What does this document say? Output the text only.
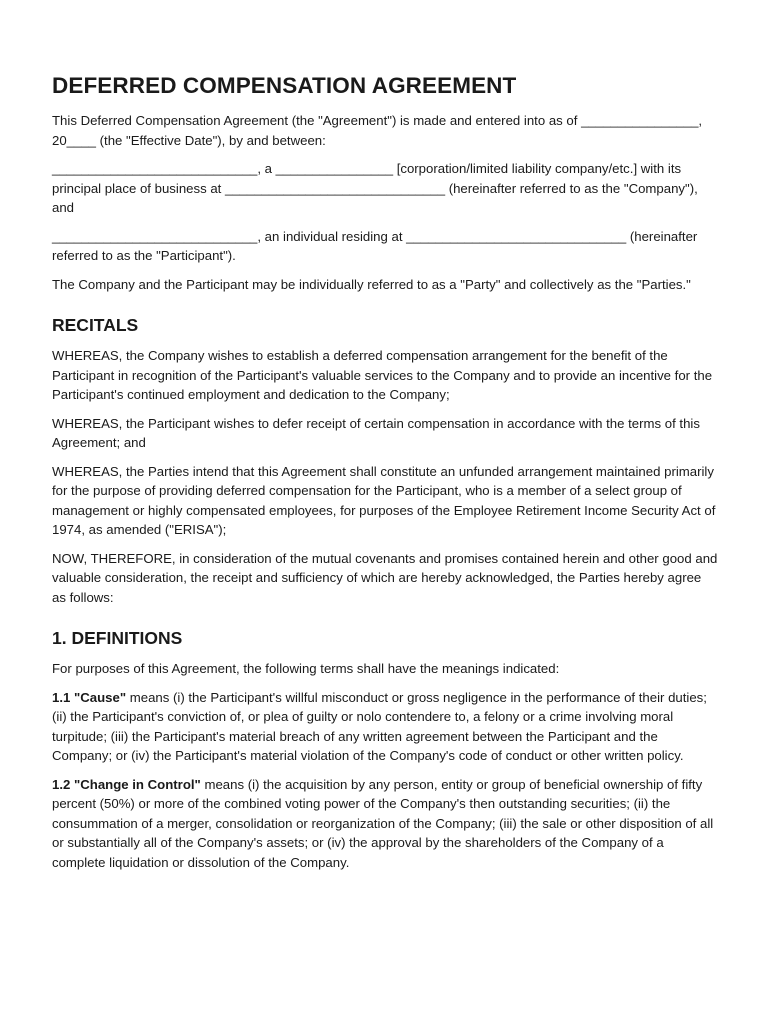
DEFERRED COMPENSATION AGREEMENT

This Deferred Compensation Agreement (the "Agreement") is made and entered into as of ________________, 20____ (the "Effective Date"), by and between:

____________________________, a ________________ [corporation/limited liability company/etc.] with its principal place of business at ______________________________ (hereinafter referred to as the "Company"), and

____________________________, an individual residing at ______________________________ (hereinafter referred to as the "Participant").

The Company and the Participant may be individually referred to as a "Party" and collectively as the "Parties."

RECITALS

WHEREAS, the Company wishes to establish a deferred compensation arrangement for the benefit of the Participant in recognition of the Participant's valuable services to the Company and to provide an incentive for the Participant's continued employment and dedication to the Company;

WHEREAS, the Participant wishes to defer receipt of certain compensation in accordance with the terms of this Agreement; and

WHEREAS, the Parties intend that this Agreement shall constitute an unfunded arrangement maintained primarily for the purpose of providing deferred compensation for the Participant, who is a member of a select group of management or highly compensated employees, for purposes of the Employee Retirement Income Security Act of 1974, as amended ("ERISA");

NOW, THEREFORE, in consideration of the mutual covenants and promises contained herein and other good and valuable consideration, the receipt and sufficiency of which are hereby acknowledged, the Parties hereby agree as follows:

1. DEFINITIONS

For purposes of this Agreement, the following terms shall have the meanings indicated:

1.1 "Cause" means (i) the Participant's willful misconduct or gross negligence in the performance of their duties; (ii) the Participant's conviction of, or plea of guilty or nolo contendere to, a felony or a crime involving moral turpitude; (iii) the Participant's material breach of any written agreement between the Participant and the Company; or (iv) the Participant's material violation of the Company's code of conduct or other written policy.

1.2 "Change in Control" means (i) the acquisition by any person, entity or group of beneficial ownership of fifty percent (50%) or more of the combined voting power of the Company's then outstanding securities; (ii) the consummation of a merger, consolidation or reorganization of the Company; (iii) the sale or other disposition of all or substantially all of the Company's assets; or (iv) the approval by the shareholders of the Company of a complete liquidation or dissolution of the Company.
